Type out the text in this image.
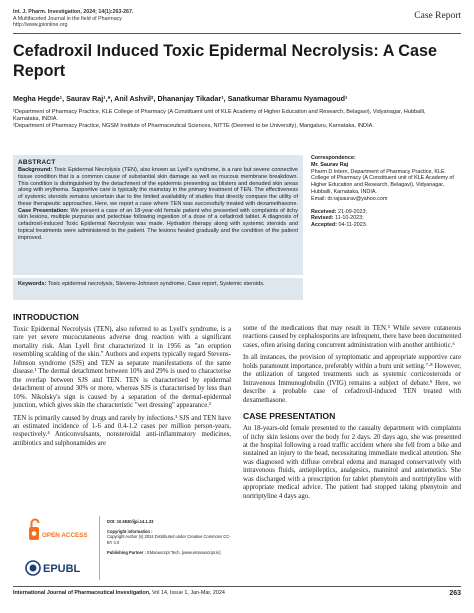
Int. J. Pharm. Investigation, 2024; 14(1):263-267.
A Multifaceted Journal in the field of Pharmacy
http://www.jpionline.org
Case Report
Cefadroxil Induced Toxic Epidermal Necrolysis: A Case Report
Megha Hegde¹, Saurav Raj¹,*, Anil Ashvil², Dhananjay Tikadar¹, Sanatkumar Bharamu Nyamagoud¹
¹Department of Pharmacy Practice, KLE College of Pharmacy (A Constituent unit of KLE Academy of Higher Education and Research, Belagavi), Vidyanagar, Hubballi, Karnataka, INDIA.
²Department of Pharmacy Practice, NGSM Institute of Pharmaceutical Sciences, NITTE (Deemed to be University), Mangaluru, Karnataka, INDIA.
ABSTRACT

Background: Toxic Epidermal Necrolysis (TEN), also known as Lyell's syndrome, is a rare but severe connective tissue condition that is a common cause of substantial skin damage as well as mucous membrane breakdown. This condition is distinguished by the detachment of the epidermis presenting as blisters and denuded skin areas along with erythema. Supportive care is typically the mainstay in the primary treatment of TEN. The effectiveness of systemic steroids remains uncertain due to the limited availability of studies that directly compare the utility of these therapeutic approaches. Here, we report a case where TEN was successfully treated with dexamethasone. Case Presentation: We present a case of an 18-year-old female patient who presented with complaints of itchy skin lesions, multiple purpuras and petechiae following ingestion of a dose of a cefadroxil tablet. A diagnosis of cefadroxil-induced Toxic Epidermal Necrolysis was made. Hydration therapy along with systemic steroids and topical treatments were administered to the patient. The lesions healed gradually and the condition of the patient improved.

Keywords: Toxic epidermal necrolysis, Stevens-Johnson syndrome, Case report, Systemic steroids.
Correspondence:
Mr. Saurav Raj
Pharm D Intern, Department of Pharmacy Practice, KLE College of Pharmacy (A Constituent unit of KLE Academy of Higher Education and Research, Belagavi), Vidyanagar, Hubballi, Karnataka, INDIA.
Email: dr.rajsaurav@yahoo.com
Received: 21-09-2023;
Revised: 11-10-2023;
Accepted: 04-11-2023.
INTRODUCTION

Toxic Epidermal Necrolysis (TEN), also referred to as Lyell's syndrome, is a rare yet severe mucocutaneous adverse drug reaction with a significant mortality risk. Alan Lyell first characterized it in 1956 as "an eruption resembling scalding of the skin." Authors and experts typically regard Stevens-Johnson syndrome (SJS) and TEN as separate manifestations of the same disease.¹ The dermal detachment between 10% and 29% is used to characterise the overlap between SJS and TEN. TEN is characterised by epidermal detachment of around 30% or more, whereas SJS is characterised by less than 10%. Nikolsky's sign is caused by a separation of the dermal-epidermal junction, which gives skin the characteristic "wet dressing" appearance.²

TEN is primarily caused by drugs and rarely by infections.³ SJS and TEN have an estimated incidence of 1-6 and 0.4-1.2 cases per million person-years, respectively.⁴ Anticonvulsants, nonsteroidal anti-inflammatory medicines, antibiotics and sulphonamides are

some of the medications that may result in TEN.⁵ While severe cutaneous reactions caused by cephalosporins are infrequent, there have been documented cases, often arising during concurrent administration with another antibiotic.⁶

In all instances, the provision of symptomatic and appropriate supportive care holds paramount importance, preferably within a burn unit setting.⁷·⁸ However, the utilization of targeted treatments such as systemic corticosteroids or Intravenous Immunoglobulin (IVIG) remains a subject of debate.⁹ Here, we describe a probable case of cefadroxil-induced TEN treated with dexamethasone.

CASE PRESENTATION

An 18-years-old female presented to the casualty department with complaints of itchy skin lesions over the body for 2 days. 20 days ago, she was presented at the hospital following a road traffic accident where she fell from a bike and sustained an injury to the head, necessitating immediate medical attention. She was diagnosed with diffuse cerebral edema and managed conservatively with intravenous fluids, antiepileptics, analgesics, mannitol and antiemetics. She was discharged with a prescription for tablet phenytoin and nortriptyline with appropriate medical advice. The patient had stopped taking phenytoin and nortriptyline 4 days ago.

OPEN ACCESS
EPUBL
DOI: 10.5530/ijpi.14.1.33
Copyright information :
Copyright Author (s) 2024 Distributed under Creative Commons CC-BY 4.0
Publishing Partner : EManuscript Tech. [www.emanuscript.in]
International Journal of Pharmaceutical Investigation, Vol 14, Issue 1, Jan-Mar, 2024	263
